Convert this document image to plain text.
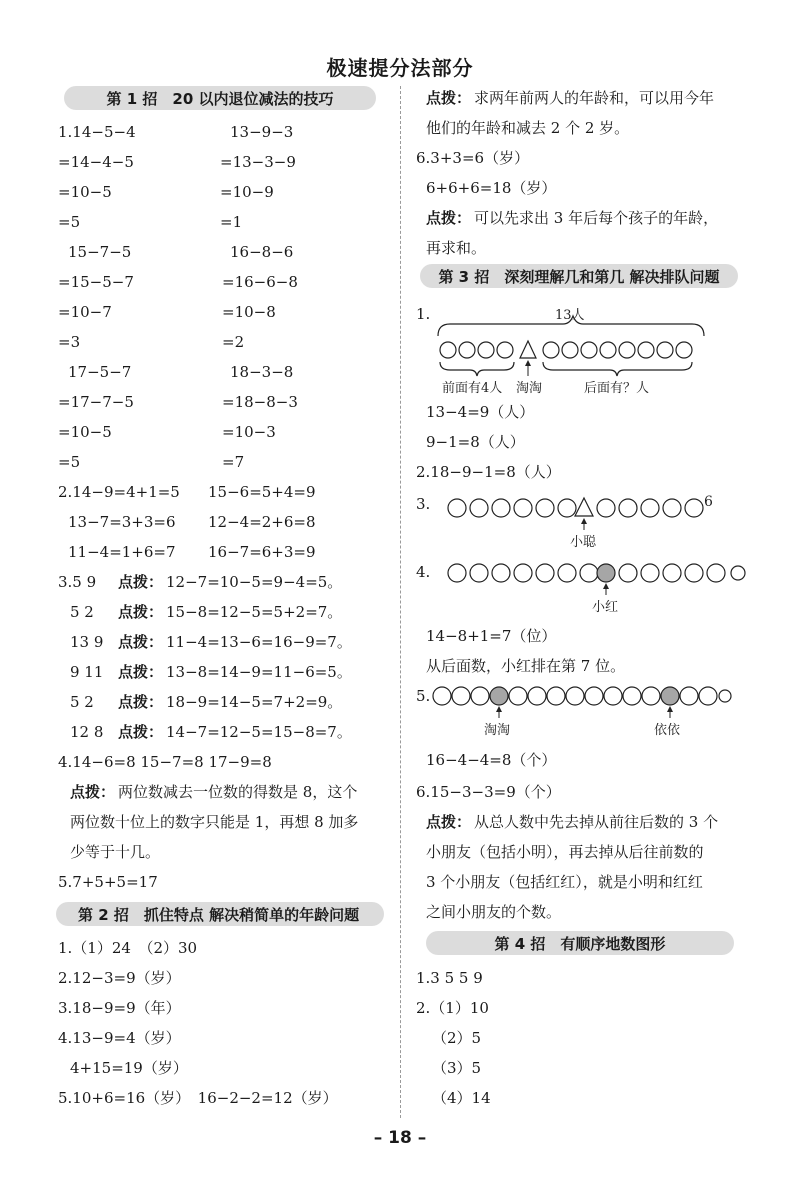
极速提分法部分
第 1 招　20 以内退位减法的技巧
第 2 招　抓住特点 解决稍简单的年龄问题
第 3 招　深刻理解几和第几 解决排队问题
第 4 招　有顺序地数图形
1.14−5−4	13−9−3
=14−4−5	=13−3−9
=10−5	=10−9
=5	=1
15−7−5	16−8−6
=15−5−7	=16−6−8
=10−7	=10−8
=3	=2
17−5−7	18−3−8
=17−7−5	=18−8−3
=10−5	=10−3
=5	=7
2.14−9=4+1=5 15−6=5+4=9
13−7=3+3=6 12−4=2+6=8
11−4=1+6=7 16−7=6+3=9
3.5 9 点拨： 12−7=10−5=9−4=5。
5 2 点拨： 15−8=12−5=5+2=7。
13 9 点拨： 11−4=13−6=16−9=7。
9 11 点拨： 13−8=14−9=11−6=5。
5 2 点拨： 18−9=14−5=7+2=9。
12 8 点拨： 14−7=12−5=15−8=7。
4.14−6=8 15−7=8 17−9=8
点拨： 两位数减去一位数的得数是 8，这个
两位数十位上的数字只能是 1，再想 8 加多
少等于十几。
5.7+5+5=17
1.（1）24　（2）30
2.12−3=9（岁）
3.18−9=9（年）
4.13−9=4（岁）
4+15=19（岁）
5.10+6=16（岁）　16−2−2=12（岁）
点拨： 求两年前两人的年龄和，可以用今年
他们的年龄和减去 2 个 2 岁。
6.3+3=6（岁）
6+6+6=18（岁）
点拨： 可以先求出 3 年后每个孩子的年龄，
再求和。
1.	13人
前面有4人 淘淘	后面有？人
13−4=9（人）
9−1=8（人）
2.18−9−1=8（人）
3.	6
小聪
4.
小红
14−8+1=7（位）
从后面数，小红排在第 7 位。
5.
淘淘	依依
16−4−4=8（个）
6.15−3−3=9（个）
点拨： 从总人数中先去掉从前往后数的 3 个
小朋友（包括小明），再去掉从后往前数的
3 个小朋友（包括红红），就是小明和红红
之间小朋友的个数。
1.3 5 5 9
2.（1）10
（2）5
（3）5
（4）14
– 18 –
